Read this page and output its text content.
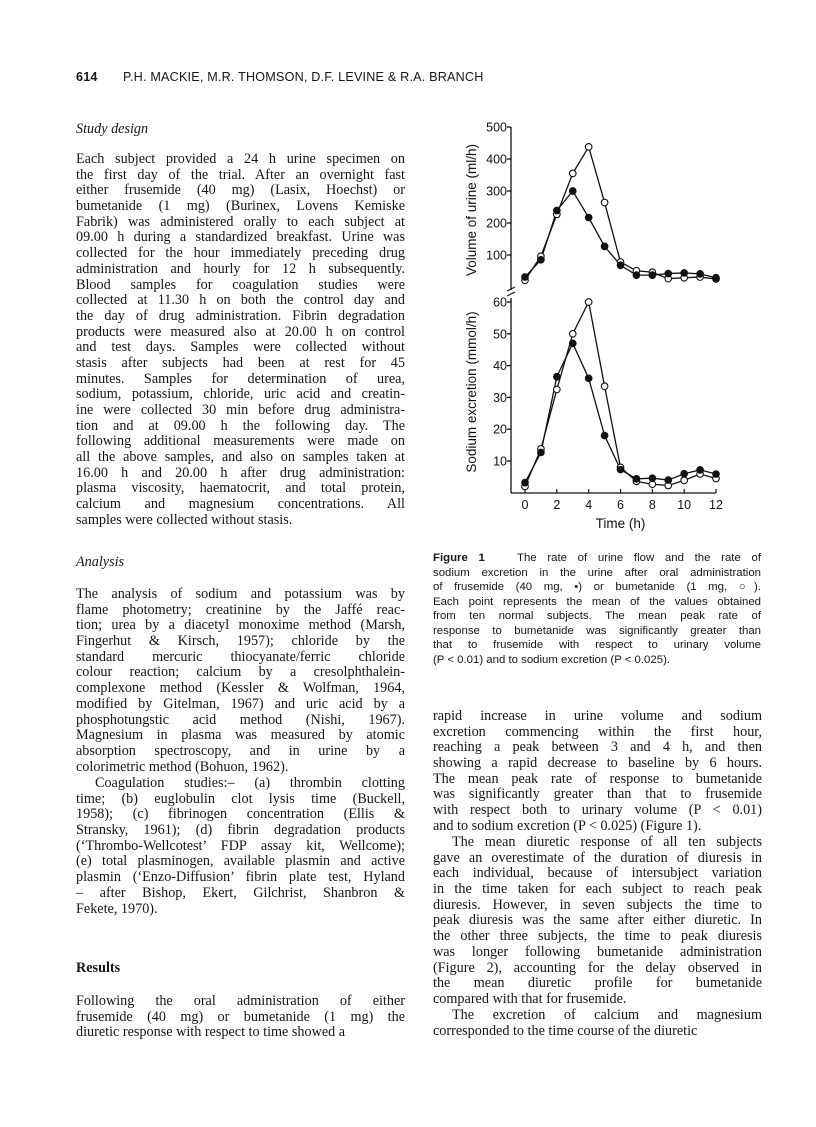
614 P.H. MACKIE, M.R. THOMSON, D.F. LEVINE & R.A. BRANCH
Study design
Each subject provided a 24 h urine specimen on
the first day of the trial. After an overnight fast
either frusemide (40 mg) (Lasix, Hoechst) or
bumetanide (1 mg) (Burinex, Lovens Kemiske
Fabrik) was administered orally to each subject at
09.00 h during a standardized breakfast. Urine was
collected for the hour immediately preceding drug
administration and hourly for 12 h subsequently.
Blood samples for coagulation studies were
collected at 11.30 h on both the control day and
the day of drug administration. Fibrin degradation
products were measured also at 20.00 h on control
and test days. Samples were collected without
stasis after subjects had been at rest for 45
minutes. Samples for determination of urea,
sodium, potassium, chloride, uric acid and creatin-
ine were collected 30 min before drug administra-
tion and at 09.00 h the following day. The
following additional measurements were made on
all the above samples, and also on samples taken at
16.00 h and 20.00 h after drug administration:
plasma viscosity, haematocrit, and total protein,
calcium and magnesium concentrations. All
samples were collected without stasis.
Analysis
The analysis of sodium and potassium was by
flame photometry; creatinine by the Jaffé reac-
tion; urea by a diacetyl monoxime method (Marsh,
Fingerhut & Kirsch, 1957); chloride by the
standard mercuric thiocyanate/ferric chloride
colour reaction; calcium by a cresolphthalein-
complexone method (Kessler & Wolfman, 1964,
modified by Gitelman, 1967) and uric acid by a
phosphotungstic acid method (Nishi, 1967).
Magnesium in plasma was measured by atomic
absorption spectroscopy, and in urine by a
colorimetric method (Bohuon, 1962).
Coagulation studies:– (a) thrombin clotting
time; (b) euglobulin clot lysis time (Buckell,
1958); (c) fibrinogen concentration (Ellis &
Stransky, 1961); (d) fibrin degradation products
(‘Thrombo-Wellcotest’ FDP assay kit, Wellcome);
(e) total plasminogen, available plasmin and active
plasmin (‘Enzo-Diffusion’ fibrin plate test, Hyland
– after Bishop, Ekert, Gilchrist, Shanbron &
Fekete, 1970).
Results
Following the oral administration of either
frusemide (40 mg) or bumetanide (1 mg) the
diuretic response with respect to time showed a
100
200
300
400
500
Volume of urine (ml/h)
10
20
30
40
50
60
Sodium excretion (mmol/h)
0 2 4 6 8 10 12
Time (h)
Figure 1	The rate of urine flow and the rate of
sodium excretion in the urine after oral administration
of frusemide (40 mg, •) or bumetanide (1 mg, ○).
Each point represents the mean of the values obtained
from ten normal subjects. The mean peak rate of
response to bumetanide was significantly greater than
that to frusemide with respect to urinary volume
(P < 0.01) and to sodium excretion (P < 0.025).
rapid increase in urine volume and sodium
excretion commencing within the first hour,
reaching a peak between 3 and 4 h, and then
showing a rapid decrease to baseline by 6 hours.
The mean peak rate of response to bumetanide
was significantly greater than that to frusemide
with respect both to urinary volume (P < 0.01)
and to sodium excretion (P < 0.025) (Figure 1).
The mean diuretic response of all ten subjects
gave an overestimate of the duration of diuresis in
each individual, because of intersubject variation
in the time taken for each subject to reach peak
diuresis. However, in seven subjects the time to
peak diuresis was the same after either diuretic. In
the other three subjects, the time to peak diuresis
was longer following bumetanide administration
(Figure 2), accounting for the delay observed in
the mean diuretic profile for bumetanide
compared with that for frusemide.
The excretion of calcium and magnesium
corresponded to the time course of the diuretic
